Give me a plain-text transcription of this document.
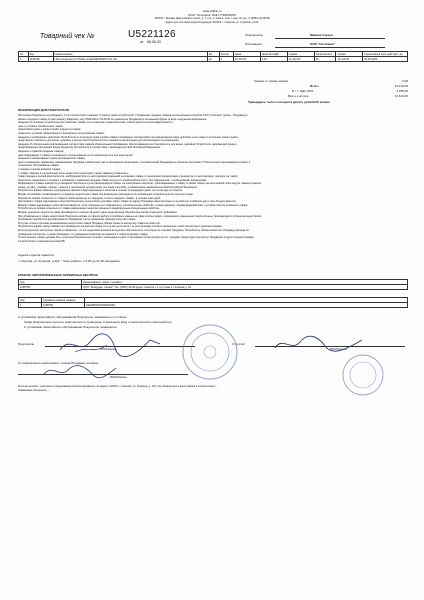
www.citilink.ru
ООО "Ситилинк" ИНН 7718979307
125130 г. Москва, Дмитровское шоссе, д. 7, стр. 1, этаж 1, пом. I, ком. 31 тел +7 (8452) 23-99-08
Адрес для почтовой корреспонденции 410012, г. Саратов, ул. Куприна, д.103
Товарный чек №	U5221126
от 06.06.20
Покупатель:	Мамсик Сурзун
Поставщик:	ООО "Ситилинк"
№	Код	Наименование	Ед.	Кол-во	Цена	Цена без НДС	Сумма	Гарантия мес.	Сумма	Гарантийный срок действует до
1	1168769	LED телевизор HYUNDAI H-LED40ES5008 FULL HD	шт	1	13 410,00	0,00	13 410,00	36	13 410,00	30.05.2023
Скидка от суммы заказа	0,00
Итого	13 410,00
В т.ч. НДС 20%	2 235,00
Всего к оплате	13 410,00
Тринадцать тысяч четыреста десять рублей 00 копеек
ИНФОРМАЦИЯ ДЛЯ ПОКУПАТЕЛЯ
Настоящим Покупатель подтверждает, что в соответствии с законом "О защите прав потребителей" и Правилами продажи товаров дистанционным способом ООО "Ситилинк" (далее - Продавец) в
момент передачи товара по настоящему Товарному чеку U5221126 от 06.06.20 он ознакомлен Продавцом в письменной форме (в виде следующей информации:
сведения об основных потребительских свойствах товара, его технических характеристиках, класса энергетической эффективности,
цене и условиях приобретения товара,
гарантийном сроке и сроке службы (годности) товара;
правилах и условиях эффективного и безопасного использования товара;
сведения о необходимых действиях Потребителя по истечении срока службы товара и возможных последствиях при невыполнении таких действий, если товар по истечении срока службы
представляет опасность для жизни, здоровья и имущества Потребителя или становится непригодным для использования по назначению;
сведения об обязательном подтверждении соответствия товаров обязательным требованиям, обеспечивающим его безопасность для жизни, здоровья Потребителя, окружающей среды и
предотвращение причинения вреда имуществу Потребителя в соответствии с законодательством Российской Федерации;
сведения о правилах продажи товаров;
иная информация о товаре и возможность использования его по назначению или для иных целей;
сведения о наименовании страны производителя товара;
место нахождения, фирменное наименование Продавца и Импортера, место нахождения организации, уполномоченной Продавцом на принятие претензий от Покупателей и производящей ремонт и
техническое обслуживание товара;
о порядке и сроках возврата товара;
о товаре, бывшем в употреблении (если недостаток (недостатки) таким товаром устранялись);
Товар передан в полной комплектности, необходимой для его эксплуатации (указанной на упаковке товара, в технической документации, руководстве по эксплуатации, паспорте на товар).
Покупатель ознакомлен и согласен с договором и правилами продажи. Товар получен в полной комплектности, без повреждений, с необходимыми документами.
Информация о товаре доводится до сведения Покупателя путем размещения на товаре, на электронных носителях, прикладываемых к товару, в самом товаре (на электронной плате внутри товара в разделе
меню), на таре, упаковке, ярлыке, этикетке в технической документации или иным способом, установленным законодательством Российской Федерации.
Потребитель вправе обменять непродовольственный товар надлежащего качества в течение четырнадцати дней, не считая дня его покупки.
Вправе потребовать безвозмездного устранения недостатков товара или возмещения расходов на их исправление потребителем или третьим лицом.
Покупатель вправе отказаться от товара в любое время до его передачи, а после передачи товара - в течение семи дней.
При возврате товара надлежащего качества Покупатель осуществляет доставку такого товара по адресу Продавца самостоятельно и за свой счет в рабочие дни и часы Отдела гарантии.
Возврат товара надлежащего качества производится, если сохранены его товарный вид, потребительские свойства, а также документ, подтверждающий факт и условия покупки указанного товара.
Потребитель не вправе отказаться от товара надлежащего качества, имеющего индивидуально-определенные свойства.
Возврат денежных средств за товар производится в течение 10 дней с даты предъявления Покупателем соответствующего требования.
При обнаружении в товаре недостатков Покупатель вправе по своему выбору потребовать замены на товар этой же марки, соразмерного уменьшения покупной цены, безвозмездного устранения недостатков.
Требования потребителя рассматриваются Продавцом после проведения проверки качества товара.
В случае спора о причинах возникновения недостатков товара Продавец обязан провести экспертизу товара за свой счет.
Потребитель вправе присутствовать при проведении экспертизы товара и в случае несогласия с ее результатами оспорить заключение такой экспертизы в судебном порядке.
Если в результате экспертизы товара установлено, что его недостатки возникли вследствие обстоятельств, за которые не отвечает Продавец, Потребитель обязан возместить Продавцу расходы на
проведение экспертизы, а также связанные с ее проведением расходы на хранение и транспортировку товара.
Отличительные товары должны быть получены Покупателем в течение 7 календарных дней, в противном случае договор купли - продажи товара будет расторгнут Продавцом в одностороннем порядке
в соответствии с законодательством РФ.
Адреса отделов гарантии:
г. Саратов, ул. Куприна, д.103. * Часы работы: с 9:00 до 21:00 ежедневно.
СПИСОК АВТОРИЗОВАННЫХ СЕРВИСНЫХ ЦЕНТРОВ
Код	Наименование, адрес, телефон
1168769	ООО "Рекорднет Сервис" Тел. (8452) 44-98 Адрес Саратов у.л. Кутузова к. Гагарина д. 93
Код	Серийные номера товаров	
1	1168769	HE4087H5T10000003F0...
С условиями гарантийного обслуживания Покупатель ознакомлен и согласен.
Товар Покупателем получен, комплектность проверена. К внешнему виду и комплектности претензий нет.
С условиями гарантийного обслуживания Покупатель ознакомлен.
Покупатель
ФИО/Подпись
Отпустил
ФИО/Подпись
От оформления гарантийного талона Продавец согласен
ФИО/Подпись
Если вы желаете, претензии и предложения просим направлять по адресу 410012, г. Саратов, ул. Куприна, д. 103, или обращаться в наши офисы в соответствии с ...
Уважаемые покупатели, ...
